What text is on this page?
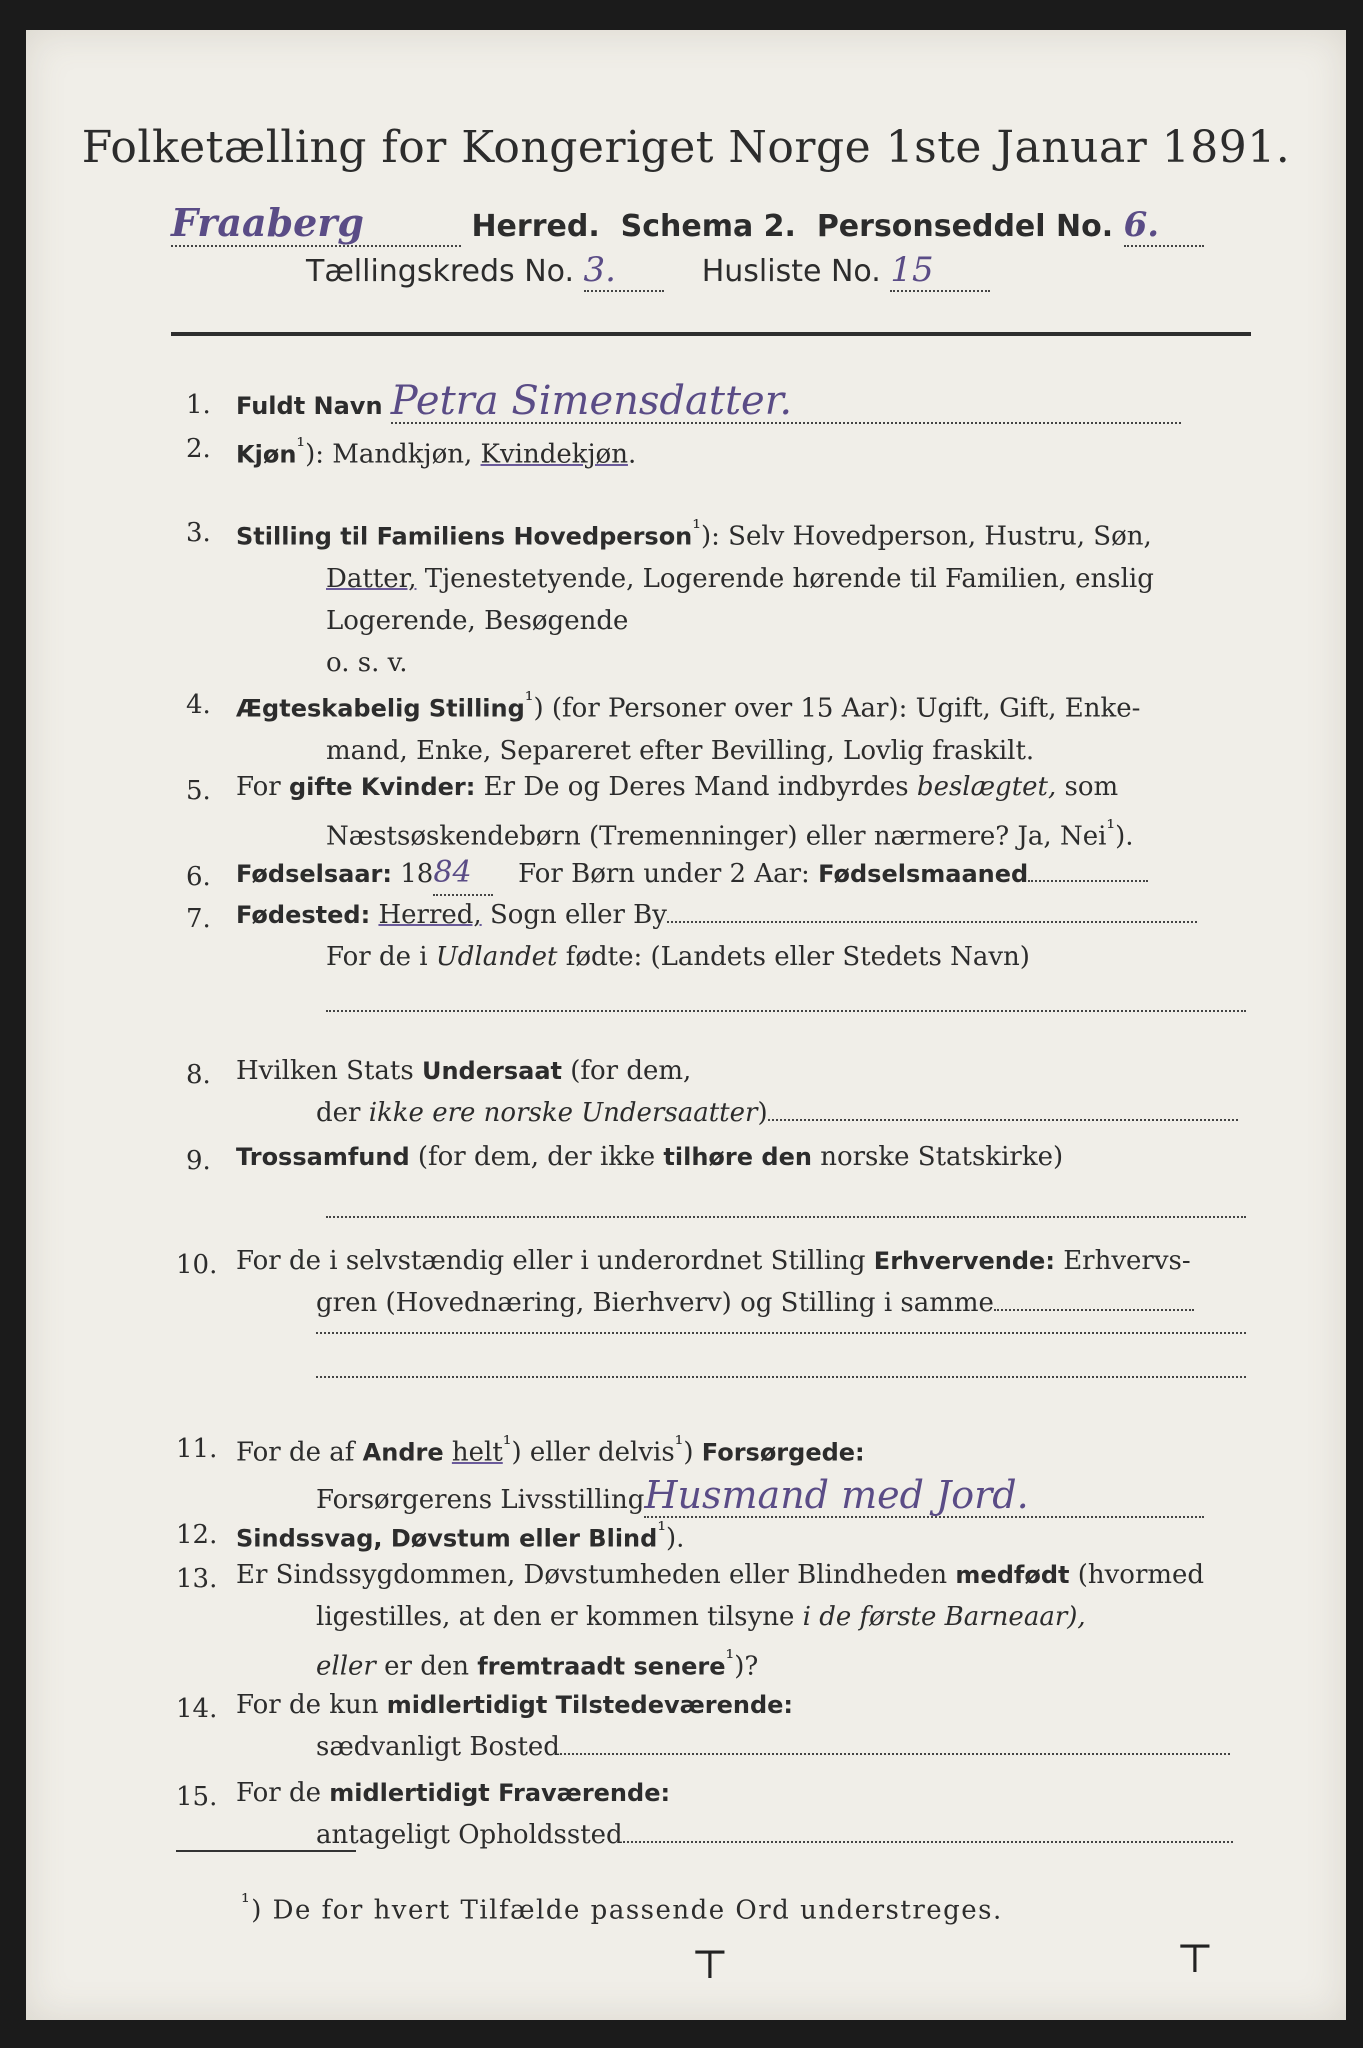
Folketælling for Kongeriget Norge 1ste Januar 1891.
Fraaberg	Herred. Schema 2. Personseddel No. 6.
Tællingskreds No. 3.	Husliste No. 15
1. Fuldt Navn Petra Simensdatter.
2. Kjøn$^{^1}$): Mandkjøn, Kvindekjøn.
3. Stilling til Familiens Hovedperson$^{^1}$): Selv Hovedperson, Hustru, Søn,
Datter, Tjenestetyende, Logerende hørende til Familien, enslig
Logerende, Besøgende
o. s. v.
4. Ægteskabelig Stilling$^{^1}$) (for Personer over 15 Aar): Ugift, Gift, Enke-
mand, Enke, Separeret efter Bevilling, Lovlig fraskilt.
5. For gifte Kvinder: Er De og Deres Mand indbyrdes beslægtet, som
Næstsøskendebørn (Tremenninger) eller nærmere? Ja, Nei$^{^1}$).
6. Fødselsaar: 1884 For Børn under 2 Aar: Fødselsmaaned
7. Fødested: Herred, Sogn eller By
For de i Udlandet fødte: (Landets eller Stedets Navn)
8. Hvilken Stats Undersaat (for dem,
der ikke ere norske Undersaatter)
9. Trossamfund (for dem, der ikke tilhøre den norske Statskirke)
10. For de i selvstændig eller i underordnet Stilling Erhvervende: Erhvervs-
gren (Hovednæring, Bierhverv) og Stilling i samme
11. For de af Andre helt$^{^1}$) eller delvis$^{^1}$) Forsørgede:
Forsørgerens LivsstillingHusmand med Jord.
12. Sindssvag, Døvstum eller Blind$^{^1}$).
13. Er Sindssygdommen, Døvstumheden eller Blindheden medfødt (hvormed
ligestilles, at den er kommen tilsyne i de første Barneaar),
eller er den fremtraadt senere$^{^1}$)?
14. For de kun midlertidigt Tilstedeværende:
sædvanligt Bosted
15. For de midlertidigt Fraværende:
antageligt Opholdssted
$^{^1}$) De for hvert Tilfælde passende Ord understreges.
⊤	⊤
